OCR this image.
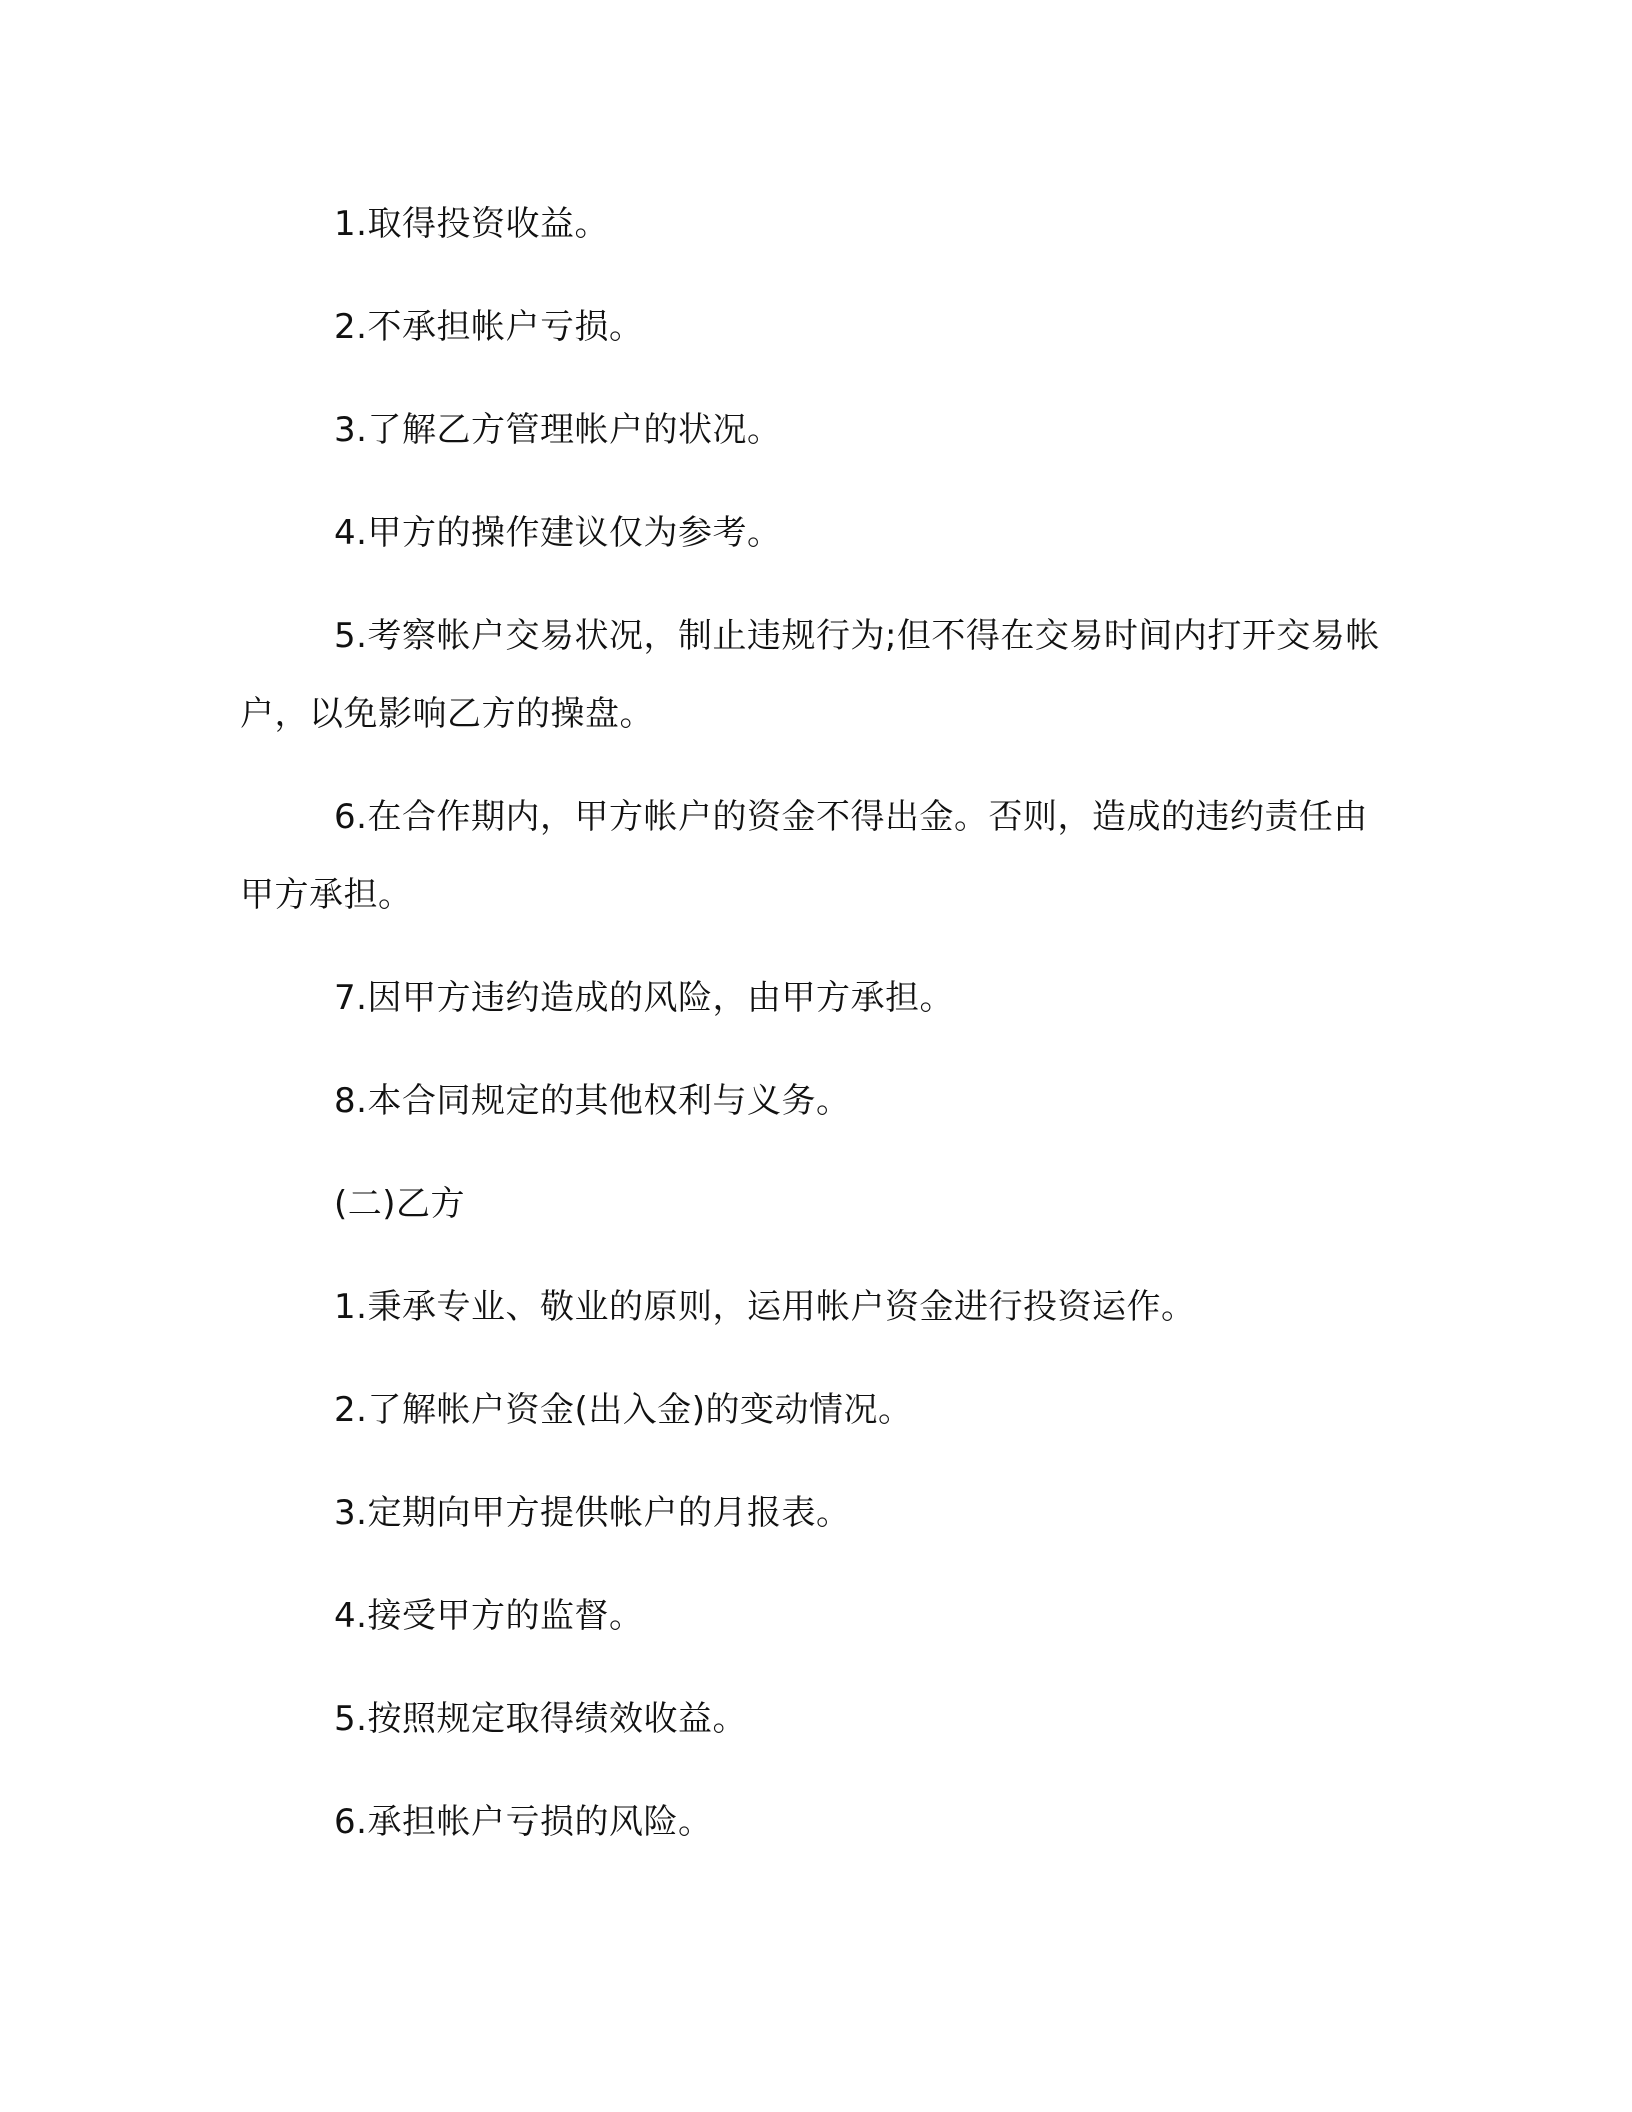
1.取得投资收益。

2.不承担帐户亏损。

3.了解乙方管理帐户的状况。

4.甲方的操作建议仅为参考。

5.考察帐户交易状况，制止违规行为;但不得在交易时间内打开交易帐户，以免影响乙方的操盘。

6.在合作期内，甲方帐户的资金不得出金。否则，造成的违约责任由甲方承担。

7.因甲方违约造成的风险，由甲方承担。

8.本合同规定的其他权利与义务。

(二)乙方

1.秉承专业、敬业的原则，运用帐户资金进行投资运作。

2.了解帐户资金(出入金)的变动情况。

3.定期向甲方提供帐户的月报表。

4.接受甲方的监督。

5.按照规定取得绩效收益。

6.承担帐户亏损的风险。
